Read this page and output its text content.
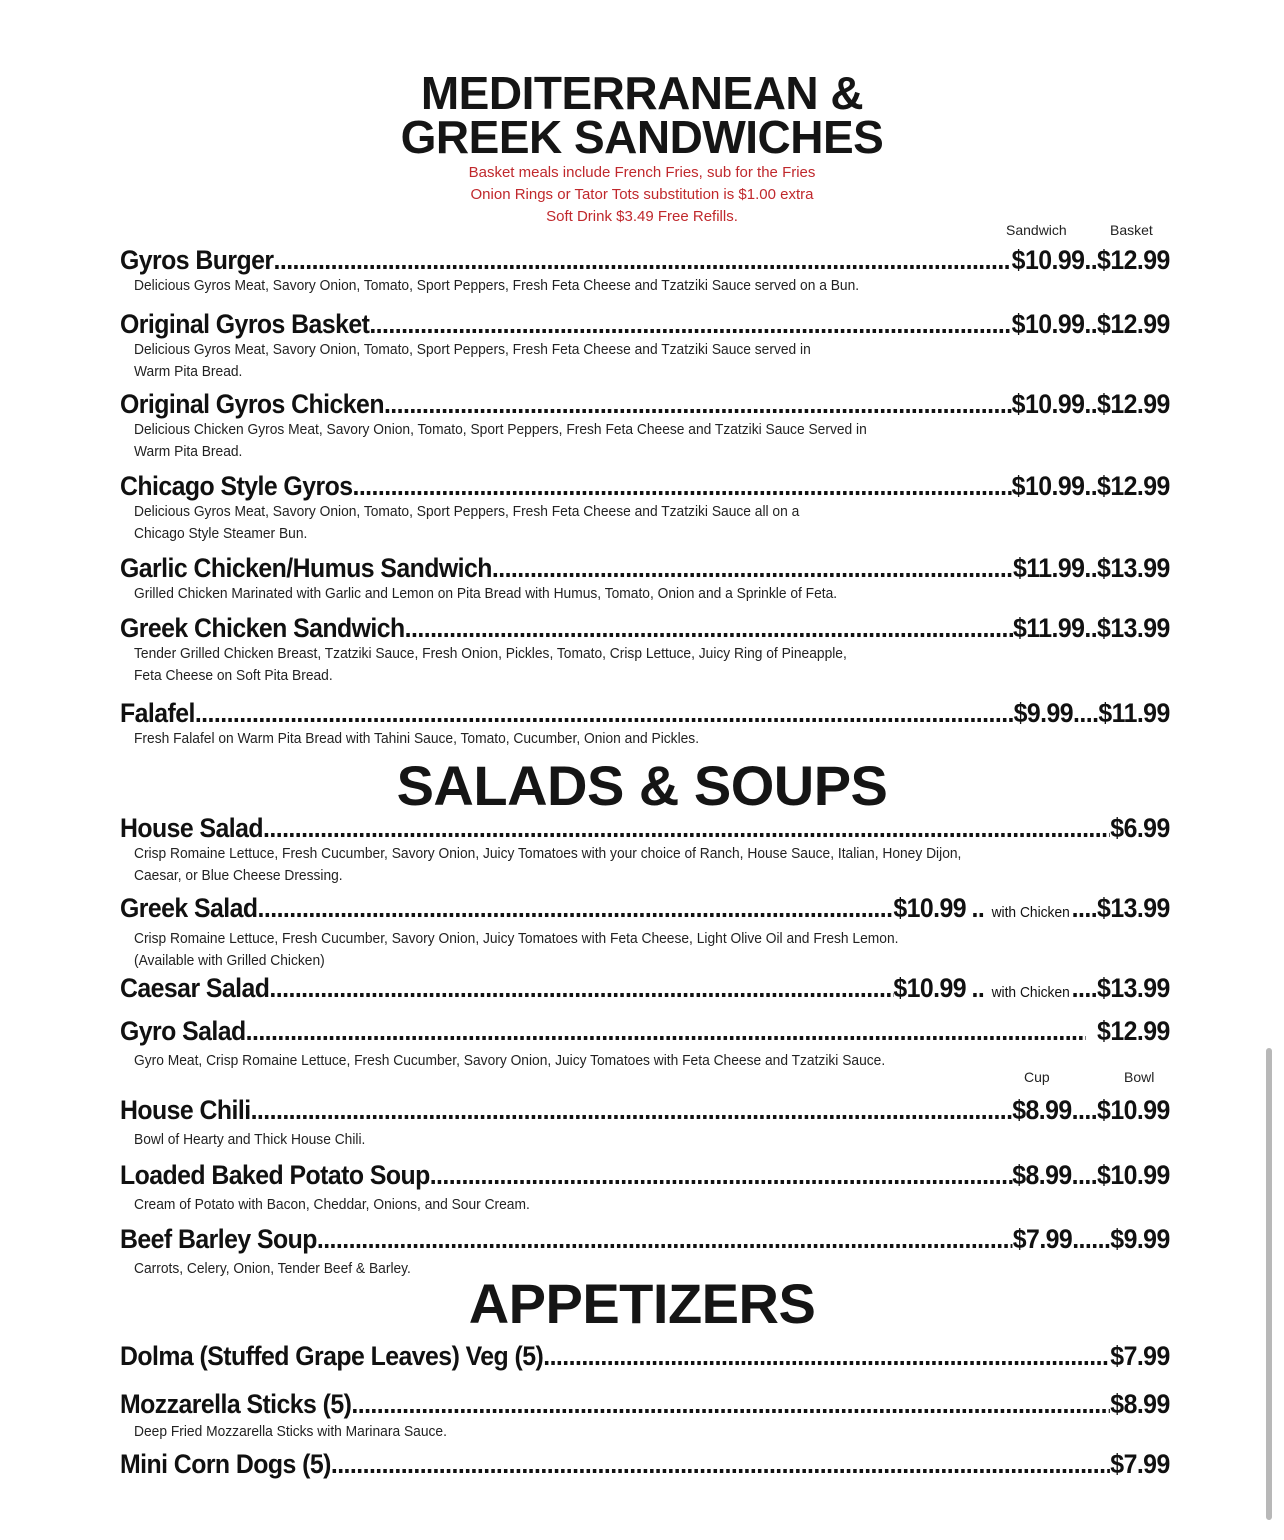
MEDITERRANEAN &
GREEK SANDWICHES
Basket meals include French Fries, sub for the Fries
Onion Rings or Tator Tots substitution is $1.00 extra
Soft Drink $3.49 Free Refills.
Sandwich	Basket
Gyros Burger .....	$10.99 .. $12.99
Delicious Gyros Meat, Savory Onion, Tomato, Sport Peppers, Fresh Feta Cheese and Tzatziki Sauce served on a Bun.
Original Gyros Basket .....	$10.99 .. $12.99
Delicious Gyros Meat, Savory Onion, Tomato, Sport Peppers, Fresh Feta Cheese and Tzatziki Sauce served in
Warm Pita Bread.
Original Gyros Chicken .....	$10.99 .. $12.99
Delicious Chicken Gyros Meat, Savory Onion, Tomato, Sport Peppers, Fresh Feta Cheese and Tzatziki Sauce Served in
Warm Pita Bread.
Chicago Style Gyros .....	$10.99 .. $12.99
Delicious Gyros Meat, Savory Onion, Tomato, Sport Peppers, Fresh Feta Cheese and Tzatziki Sauce all on a
Chicago Style Steamer Bun.
Garlic Chicken/Humus Sandwich .....	$11.99 .. $13.99
Grilled Chicken Marinated with Garlic and Lemon on Pita Bread with Humus, Tomato, Onion and a Sprinkle of Feta.
Greek Chicken Sandwich .....	$11.99 .. $13.99
Tender Grilled Chicken Breast, Tzatziki Sauce, Fresh Onion, Pickles, Tomato, Crisp Lettuce, Juicy Ring of Pineapple,
Feta Cheese on Soft Pita Bread.
Falafel .....	$9.99 .... $11.99
Fresh Falafel on Warm Pita Bread with Tahini Sauce, Tomato, Cucumber, Onion and Pickles.
SALADS & SOUPS
House Salad .....	$6.99
Crisp Romaine Lettuce, Fresh Cucumber, Savory Onion, Juicy Tomatoes with your choice of Ranch, House Sauce, Italian, Honey Dijon,
Caesar, or Blue Cheese Dressing.
Greek Salad .....	$10.99 .. with Chicken .... $13.99
Crisp Romaine Lettuce, Fresh Cucumber, Savory Onion, Juicy Tomatoes with Feta Cheese, Light Olive Oil and Fresh Lemon.
(Available with Grilled Chicken)
Caesar Salad .....	$10.99 .. with Chicken .... $13.99
Gyro Salad .....	$12.99
Gyro Meat, Crisp Romaine Lettuce, Fresh Cucumber, Savory Onion, Juicy Tomatoes with Feta Cheese and Tzatziki Sauce.
Cup	Bowl
House Chili .....	$8.99 .... $10.99
Bowl of Hearty and Thick House Chili.
Loaded Baked Potato Soup .....	$8.99 .... $10.99
Cream of Potato with Bacon, Cheddar, Onions, and Sour Cream.
Beef Barley Soup .....	$7.99 ...... $9.99
Carrots, Celery, Onion, Tender Beef & Barley.
APPETIZERS
Dolma (Stuffed Grape Leaves) Veg (5) .....	$7.99
Mozzarella Sticks (5) .....	$8.99
Deep Fried Mozzarella Sticks with Marinara Sauce.
Mini Corn Dogs (5) .....	$7.99
